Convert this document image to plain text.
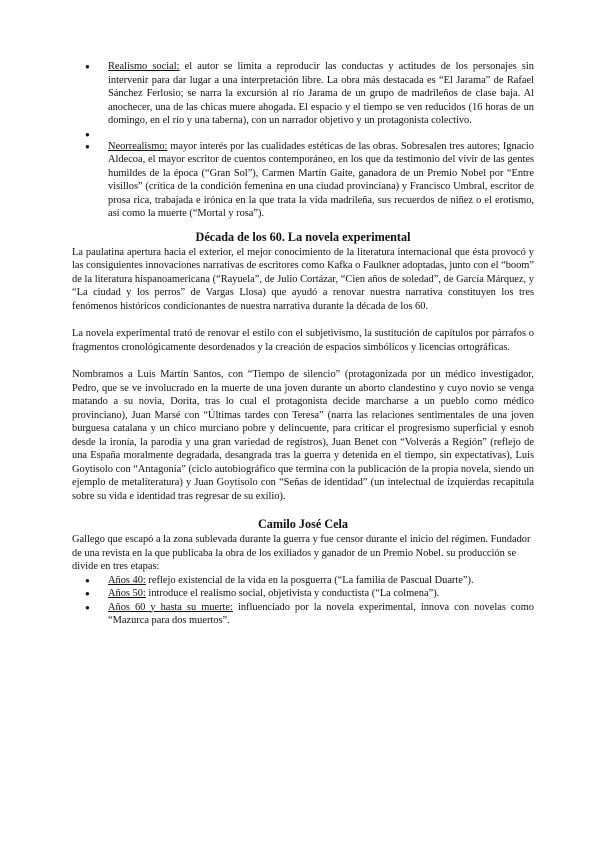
● Realismo social: el autor se limita a reproducir las conductas y actitudes de los personajes sin intervenir para dar lugar a una interpretación libre. La obra más destacada es “El Jarama” de Rafael Sánchez Ferlosio; se narra la excursión al río Jarama de un grupo de madrileños de clase baja. Al anochecer, una de las chicas muere ahogada. El espacio y el tiempo se ven reducidos (16 horas de un domingo, en el río y una taberna), con un narrador objetivo y un protagonista colectivo.
●
● Neorrealismo: mayor interés por las cualidades estéticas de las obras. Sobresalen tres autores; Ignacio Aldecoa, el mayor escritor de cuentos contemporáneo, en los que da testimonio del vivir de las gentes humildes de la época (“Gran Sol”), Carmen Martín Gaite, ganadora de un Premio Nobel por “Entre visillos” (crítica de la condición femenina en una ciudad provinciana) y Francisco Umbral, escritor de prosa rica, trabajada e irónica en la que trata la vida madrileña, sus recuerdos de niñez o el erotismo, así como la muerte (“Mortal y rosa”).
Década de los 60. La novela experimental

La paulatina apertura hacia el exterior, el mejor conocimiento de la literatura internacional que ésta provocó y las consiguientes innovaciones narrativas de escritores como Kafka o Faulkner adoptadas, junto con el “boom” de la literatura hispanoamericana (“Rayuela”, de Julio Cortázar, “Cien años de soledad”, de García Márquez, y “La ciudad y los perros” de Vargas Llosa) que ayudó a renovar nuestra narrativa constituyen los tres fenómenos históricos condicionantes de nuestra narrativa durante la década de los 60.

La novela experimental trató de renovar el estilo con el subjetivismo, la sustitución de capítulos por párrafos o fragmentos cronológicamente desordenados y la creación de espacios simbólicos y licencias ortográficas.

Nombramos a Luis Martín Santos, con “Tiempo de silencio” (protagonizada por un médico investigador, Pedro, que se ve involucrado en la muerte de una joven durante un aborto clandestino y cuyo novio se venga matando a su novia, Dorita, tras lo cual el protagonista decide marcharse a un pueblo como médico provinciano), Juan Marsé con “Últimas tardes con Teresa” (narra las relaciones sentimentales de una joven burguesa catalana y un chico murciano pobre y delincuente, para criticar el progresismo superficial y esnob desde la ironía, la parodia y una gran variedad de registros), Juan Benet con “Volverás a Región” (reflejo de una España moralmente degradada, desangrada tras la guerra y detenida en el tiempo, sin expectativas), Luis Goytisolo con “Antagonía” (ciclo autobiográfico que termina con la publicación de la propia novela, siendo un ejemplo de metaliteratura) y Juan Goytisolo con “Señas de identidad” (un intelectual de izquierdas recapitula sobre su vida e identidad tras regresar de su exilio).

Camilo José Cela

Gallego que escapó a la zona sublevada durante la guerra y fue censor durante el inicio del régimen. Fundador de una revista en la que publicaba la obra de los exiliados y ganador de un Premio Nobel. su producción se divide en tres etapas:

● Años 40: reflejo existencial de la vida en la posguerra (“La familia de Pascual Duarte”).
● Años 50: introduce el realismo social, objetivista y conductista (“La colmena”).
● Años 60 y hasta su muerte: influenciado por la novela experimental, innova con novelas como “Mazurca para dos muertos”.
